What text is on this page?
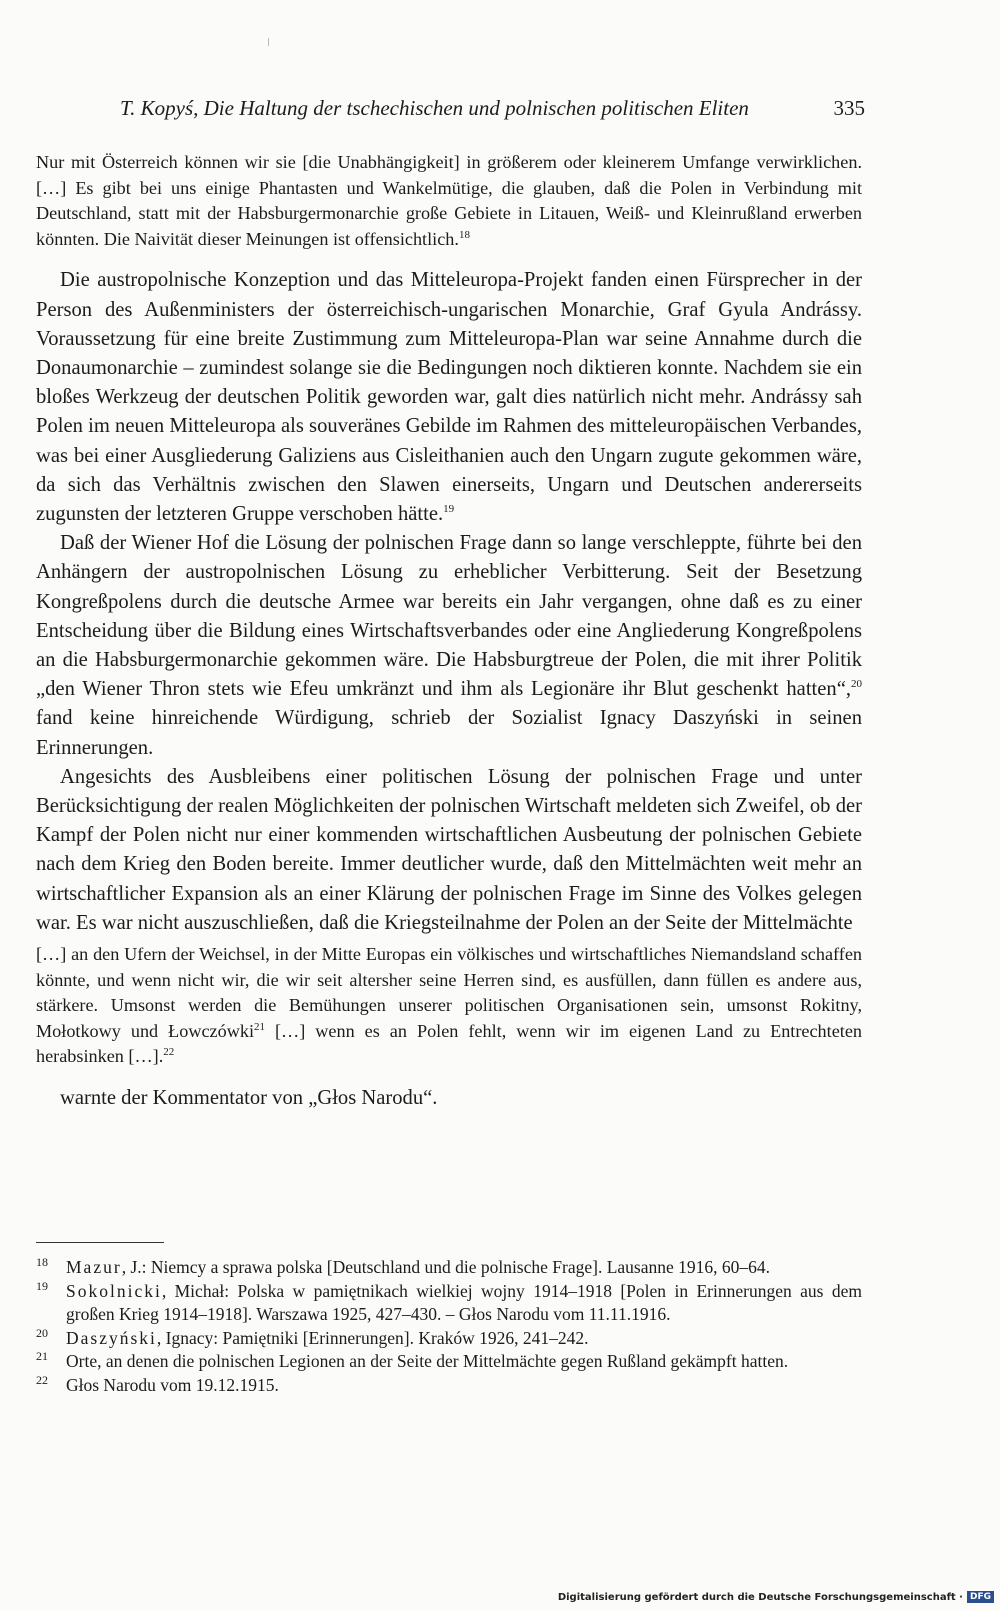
T. Kopyś, Die Haltung der tschechischen und polnischen politischen Eliten	335

Nur mit Österreich können wir sie [die Unabhängigkeit] in größerem oder kleinerem Umfange verwirklichen. […] Es gibt bei uns einige Phantasten und Wankelmütige, die glauben, daß die Polen in Verbindung mit Deutschland, statt mit der Habsburgermonarchie große Gebiete in Litauen, Weiß- und Kleinrußland erwerben könnten. Die Naivität dieser Meinungen ist offensichtlich.$^{18}$

Die austropolnische Konzeption und das Mitteleuropa-Projekt fanden einen Fürsprecher in der Person des Außenministers der österreichisch-ungarischen Monarchie, Graf Gyula Andrássy. Voraussetzung für eine breite Zustimmung zum Mitteleuropa-Plan war seine Annahme durch die Donaumonarchie – zumindest solange sie die Bedingungen noch diktieren konnte. Nachdem sie ein bloßes Werkzeug der deutschen Politik geworden war, galt dies natürlich nicht mehr. Andrássy sah Polen im neuen Mitteleuropa als souveränes Gebilde im Rahmen des mitteleuropäischen Verbandes, was bei einer Ausgliederung Galiziens aus Cisleithanien auch den Ungarn zugute gekommen wäre, da sich das Verhältnis zwischen den Slawen einerseits, Ungarn und Deutschen andererseits zugunsten der letzteren Gruppe verschoben hätte.$^{19}$

Daß der Wiener Hof die Lösung der polnischen Frage dann so lange verschleppte, führte bei den Anhängern der austropolnischen Lösung zu erheblicher Verbitterung. Seit der Besetzung Kongreßpolens durch die deutsche Armee war bereits ein Jahr vergangen, ohne daß es zu einer Entscheidung über die Bildung eines Wirtschaftsverbandes oder eine Angliederung Kongreßpolens an die Habsburgermonarchie gekommen wäre. Die Habsburgtreue der Polen, die mit ihrer Politik „den Wiener Thron stets wie Efeu umkränzt und ihm als Legionäre ihr Blut geschenkt hatten“,$^{20}$ fand keine hinreichende Würdigung, schrieb der Sozialist Ignacy Daszyński in seinen Erinnerungen.

Angesichts des Ausbleibens einer politischen Lösung der polnischen Frage und unter Berücksichtigung der realen Möglichkeiten der polnischen Wirtschaft meldeten sich Zweifel, ob der Kampf der Polen nicht nur einer kommenden wirtschaftlichen Ausbeutung der polnischen Gebiete nach dem Krieg den Boden bereite. Immer deutlicher wurde, daß den Mittelmächten weit mehr an wirtschaftlicher Expansion als an einer Klärung der polnischen Frage im Sinne des Volkes gelegen war. Es war nicht auszuschließen, daß die Kriegsteilnahme der Polen an der Seite der Mittelmächte

[…] an den Ufern der Weichsel, in der Mitte Europas ein völkisches und wirtschaftliches Niemandsland schaffen könnte, und wenn nicht wir, die wir seit altersher seine Herren sind, es ausfüllen, dann füllen es andere aus, stärkere. Umsonst werden die Bemühungen unserer politischen Organisationen sein, umsonst Rokitny, Mołotkowy und Łowczówki$^{21}$ […] wenn es an Polen fehlt, wenn wir im eigenen Land zu Entrechteten herabsinken […].$^{22}$

warnte der Kommentator von „Głos Narodu“.

18 Mazur, J.: Niemcy a sprawa polska [Deutschland und die polnische Frage]. Lausanne 1916, 60–64.

19 Sokolnicki, Michał: Polska w pamiętnikach wielkiej wojny 1914–1918 [Polen in Erinnerungen aus dem großen Krieg 1914–1918]. Warszawa 1925, 427–430. – Głos Narodu vom 11.11.1916.

20 Daszyński, Ignacy: Pamiętniki [Erinnerungen]. Kraków 1926, 241–242.

21 Orte, an denen die polnischen Legionen an der Seite der Mittelmächte gegen Rußland gekämpft hatten.

22 Głos Narodu vom 19.12.1915.

Digitalisierung gefördert durch die Deutsche Forschungsgemeinschaft · DFG
